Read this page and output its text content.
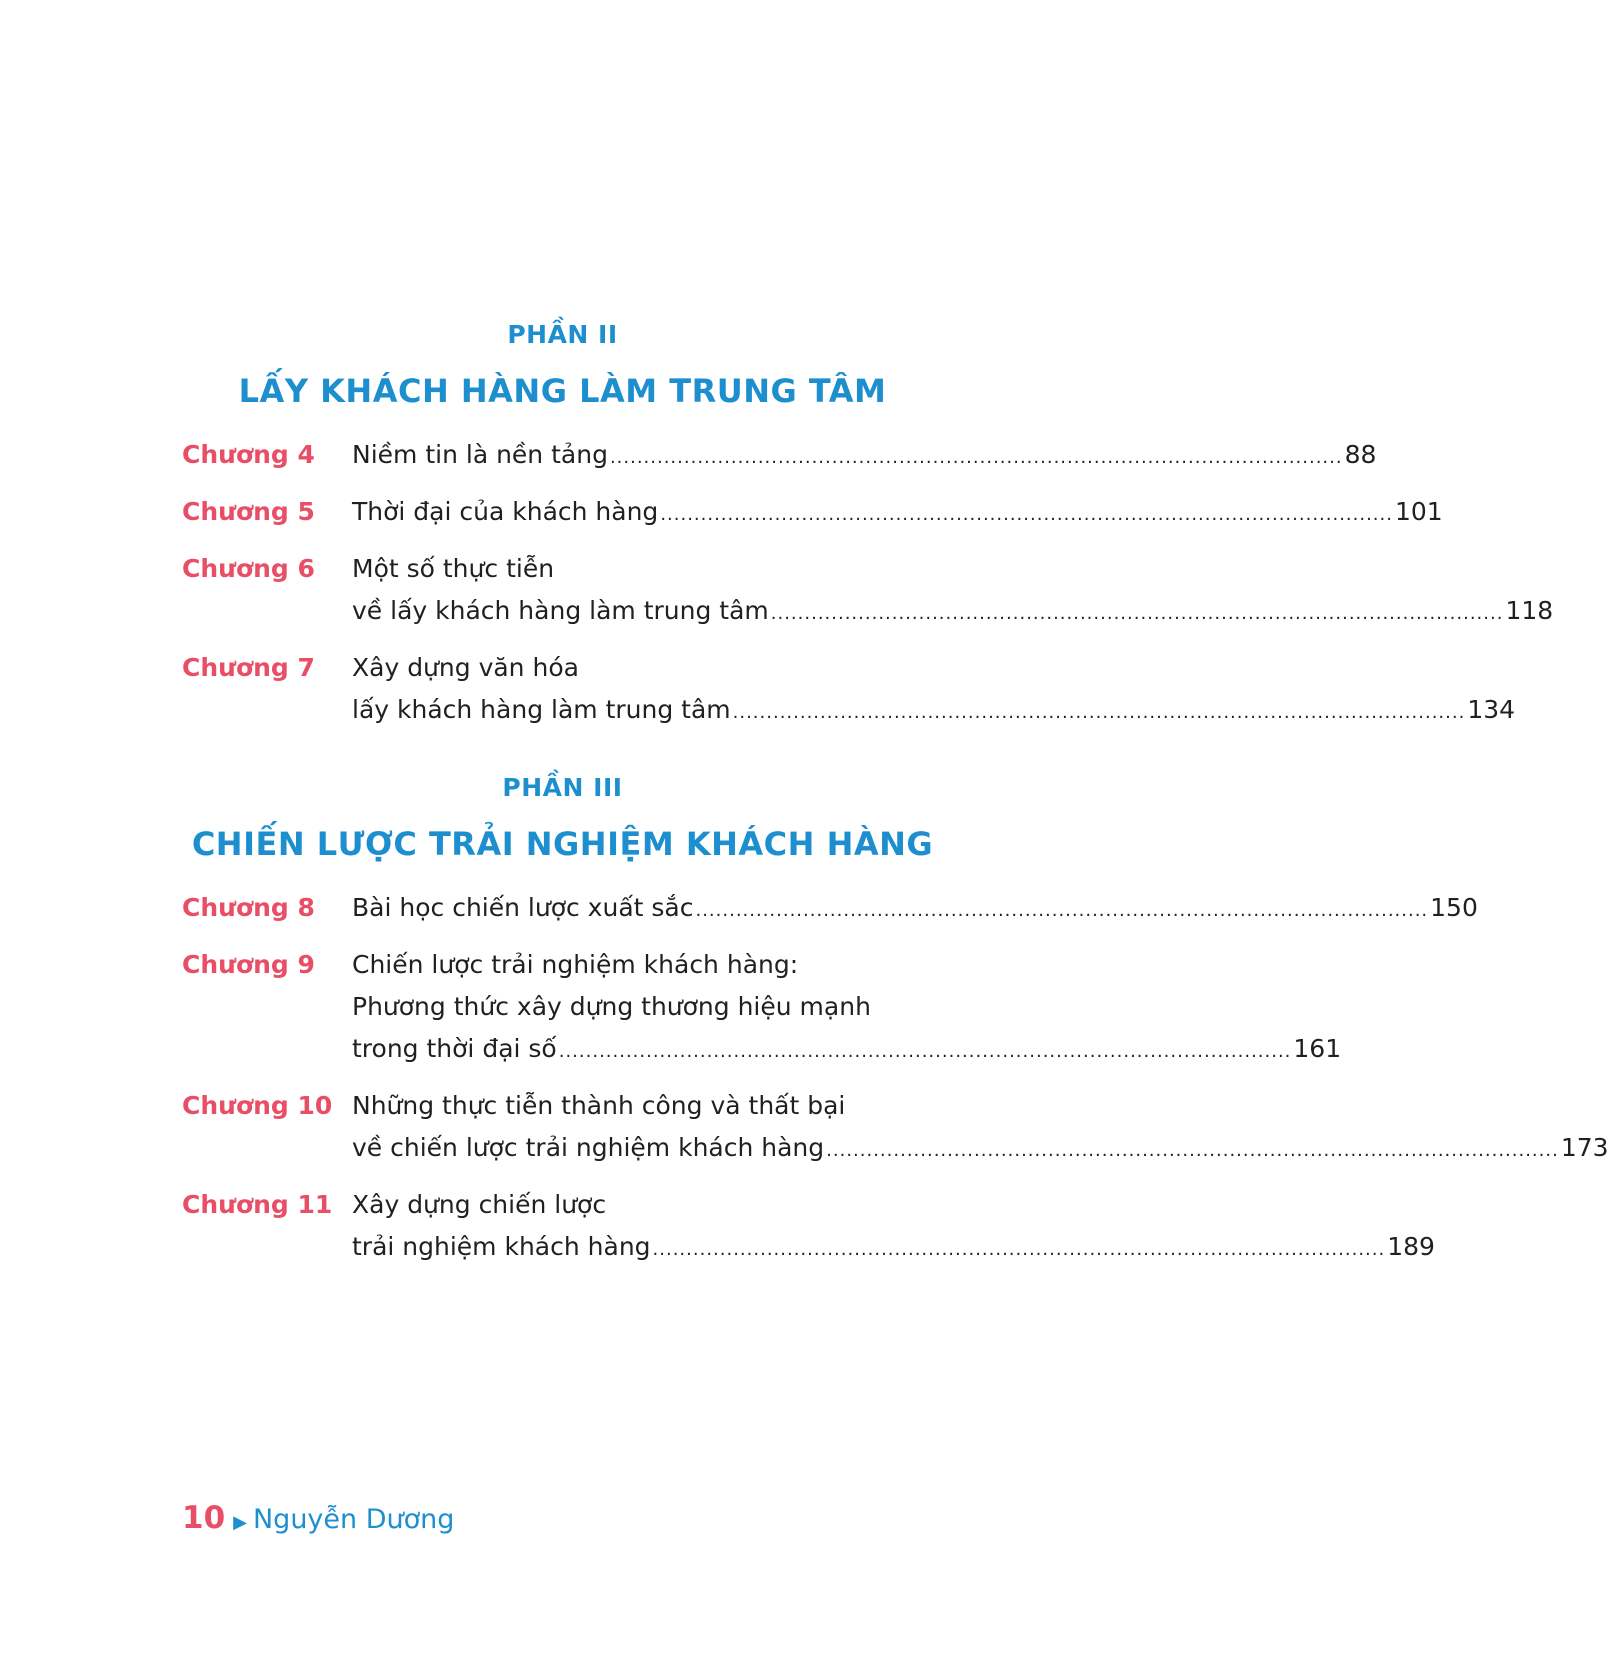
PHẦN II
LẤY KHÁCH HÀNG LÀM TRUNG TÂM
Chương 4 Niềm tin là nền tảng ............................................................................................................. 88
Chương 5 Thời đại của khách hàng ............................................................................................................. 101
Chương 6 Một số thực tiễn
về lấy khách hàng làm trung tâm ............................................................................................................. 118
Chương 7 Xây dựng văn hóa
lấy khách hàng làm trung tâm ............................................................................................................. 134
PHẦN III
CHIẾN LƯỢC TRẢI NGHIỆM KHÁCH HÀNG
Chương 8 Bài học chiến lược xuất sắc ............................................................................................................. 150
Chương 9 Chiến lược trải nghiệm khách hàng:
Phương thức xây dựng thương hiệu mạnh
trong thời đại số ............................................................................................................. 161
Chương 10 Những thực tiễn thành công và thất bại
về chiến lược trải nghiệm khách hàng ............................................................................................................. 173
Chương 11 Xây dựng chiến lược
trải nghiệm khách hàng ............................................................................................................. 189
10 ▶ Nguyễn Dương
